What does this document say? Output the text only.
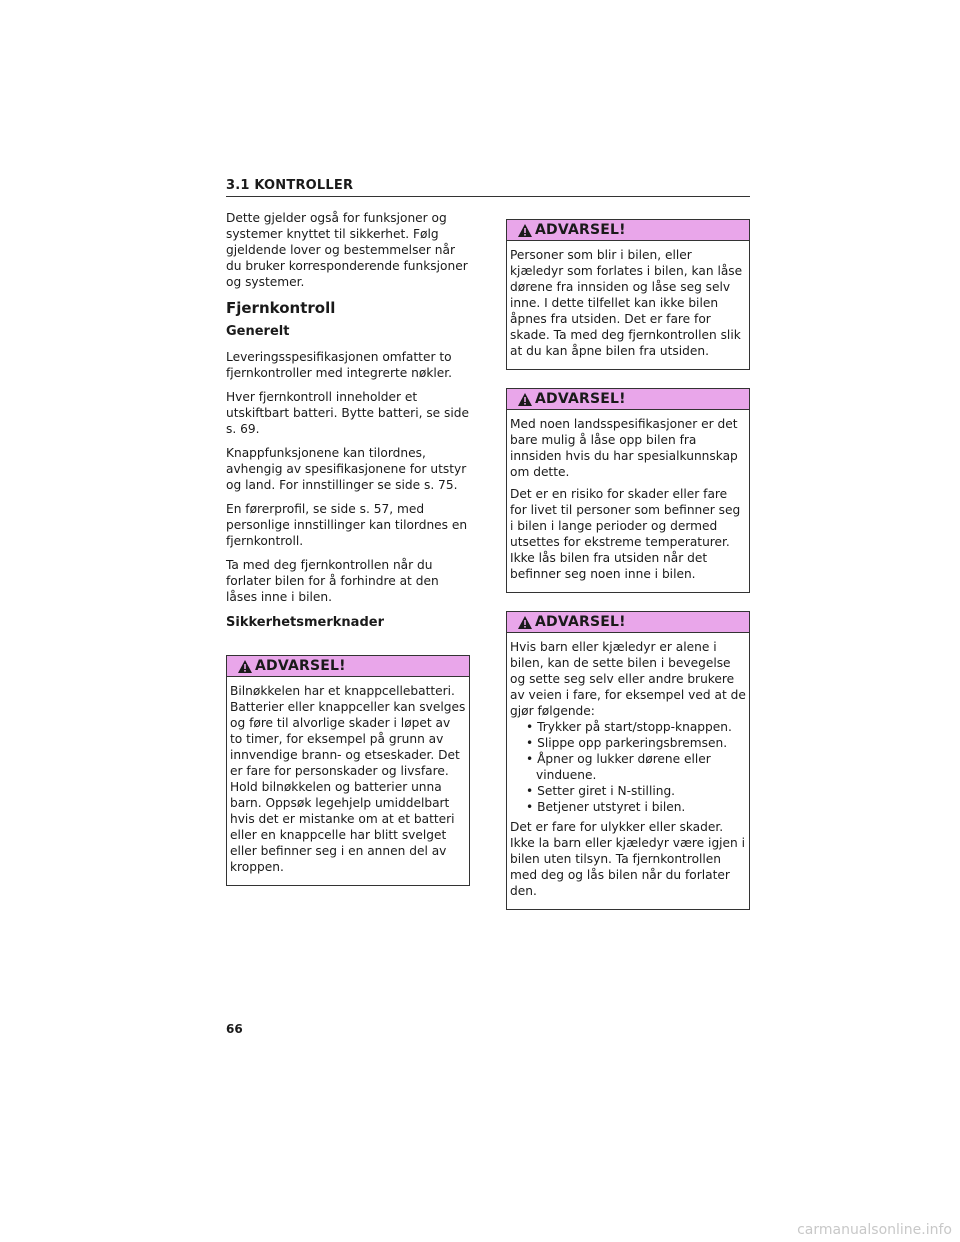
3.1 KONTROLLER

Dette gjelder også for funksjoner og systemer knyttet til sikkerhet. Følg gjeldende lover og bestemmelser når du bruker korresponderende funksjoner og systemer.

Fjernkontroll
Generelt

Leveringsspesifikasjonen omfatter to fjernkontroller med integrerte nøkler.

Hver fjernkontroll inneholder et utskiftbart batteri. Bytte batteri, se side s. 69.

Knappfunksjonene kan tilordnes, avhengig av spesifikasjonene for utstyr og land. For innstillinger se side s. 75.

En førerprofil, se side s. 57, med personlige innstillinger kan tilordnes en fjernkontroll.

Ta med deg fjernkontrollen når du forlater bilen for å forhindre at den låses inne i bilen.

Sikkerhetsmerknader
ADVARSEL!

Bilnøkkelen har et knappcellebatteri. Batterier eller knappceller kan svelges og føre til alvorlige skader i løpet av to timer, for eksempel på grunn av innvendige brann- og etseskader. Det er fare for personskader og livsfare. Hold bilnøkkelen og batterier unna barn. Oppsøk legehjelp umiddelbart hvis det er mistanke om at et batteri eller en knappcelle har blitt svelget eller befinner seg i en annen del av kroppen.

ADVARSEL!

Personer som blir i bilen, eller kjæledyr som forlates i bilen, kan låse dørene fra innsiden og låse seg selv inne. I dette tilfellet kan ikke bilen åpnes fra utsiden. Det er fare for skade. Ta med deg fjernkontrollen slik at du kan åpne bilen fra utsiden.

ADVARSEL!

Med noen landsspesifikasjoner er det bare mulig å låse opp bilen fra innsiden hvis du har spesialkunnskap om dette.

Det er en risiko for skader eller fare for livet til personer som befinner seg i bilen i lange perioder og dermed utsettes for ekstreme temperaturer. Ikke lås bilen fra utsiden når det befinner seg noen inne i bilen.

ADVARSEL!

Hvis barn eller kjæledyr er alene i bilen, kan de sette bilen i bevegelse og sette seg selv eller andre brukere av veien i fare, for eksempel ved at de gjør følgende:

• Trykker på start/stopp-knappen.
• Slippe opp parkeringsbremsen.
• Åpner og lukker dørene eller vinduene.
• Setter giret i N-stilling.
• Betjener utstyret i bilen.

Det er fare for ulykker eller skader. Ikke la barn eller kjæledyr være igjen i bilen uten tilsyn. Ta fjernkontrollen med deg og lås bilen når du forlater den.

66
carmanualsonline.info
